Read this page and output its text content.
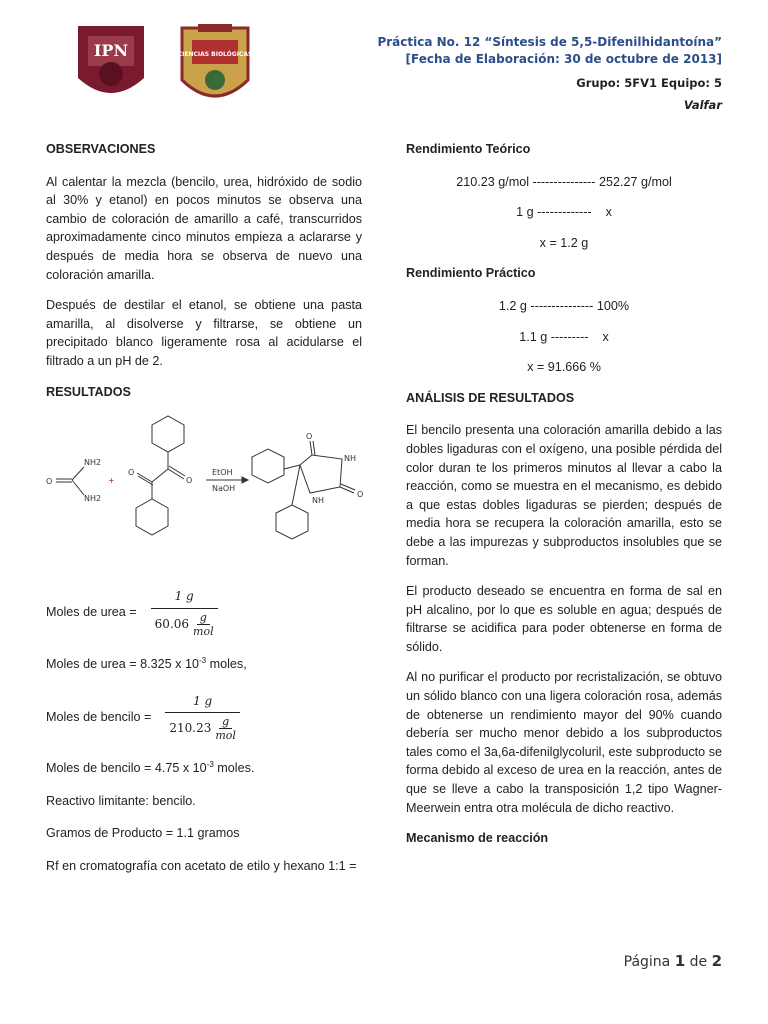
IPN	CIENCIAS BIOLÓGICAS
Práctica No. 12 “Síntesis de 5,5-Difenilhidantoína”
[Fecha de Elaboración: 30 de octubre de 2013]
Grupo: 5FV1 Equipo: 5
Valfar
OBSERVACIONES

Al calentar la mezcla (bencilo, urea, hidróxido de sodio al 30% y etanol) en pocos minutos se observa una cambio de coloración de amarillo a café, transcurridos aproximadamente cinco minutos empieza a aclararse y después de media hora se observa de nuevo una coloración amarilla.

Después de destilar el etanol, se obtiene una pasta amarilla, al disolverse y filtrarse, se obtiene un precipitado blanco ligeramente rosa al acidularse el filtrado a un pH de 2.

RESULTADOS
O
NH2
NH2
+	O
O	EtOH
NaOH
O
O
NH
NH
Moles de urea = 1 g
60.06 g
mol

Moles de urea = 8.325 x $10^{-3}$ moles,

Moles de bencilo = 1 g
210.23 g
mol

Moles de bencilo = 4.75 x $10^{-3}$ moles.

Reactivo limitante: bencilo.

Gramos de Producto = 1.1 gramos

Rf en cromatografía con acetato de etilo y hexano 1:1 =

Rendimiento Teórico
210.23 g/mol --------------- 252.27 g/mol
1 g -------------    x
x = 1.2 g
Rendimiento Práctico
1.2 g --------------- 100%
1.1 g ---------    x
x = 91.666 %
ANÁLISIS DE RESULTADOS

El bencilo presenta una coloración amarilla debido a las dobles ligaduras con el oxígeno, una posible pérdida del color duran te los primeros minutos al llevar a cabo la reacción, como se muestra en el mecanismo, es debido a que estas dobles ligaduras se pierden; después de media hora se recupera la coloración amarilla, esto se debe a las impurezas y subproductos insolubles que se forman.

El producto deseado se encuentra en forma de sal en pH alcalino, por lo que es soluble en agua; después de filtrarse se acidifica para poder obtenerse en forma de sólido.

Al no purificar el producto por recristalización, se obtuvo un sólido blanco con una ligera coloración rosa, además de obtenerse un rendimiento mayor del 90% cuando debería ser mucho menor debido a los subproductos tales como el 3a,6a-difenilglycoluril, este subproducto se forma debido al exceso de urea en la reacción, antes de que se lleve a cabo la transposición 1,2 tipo Wagner-Meerwein entra otra molécula de dicho reactivo.

Mecanismo de reacción
Página 1 de 2
